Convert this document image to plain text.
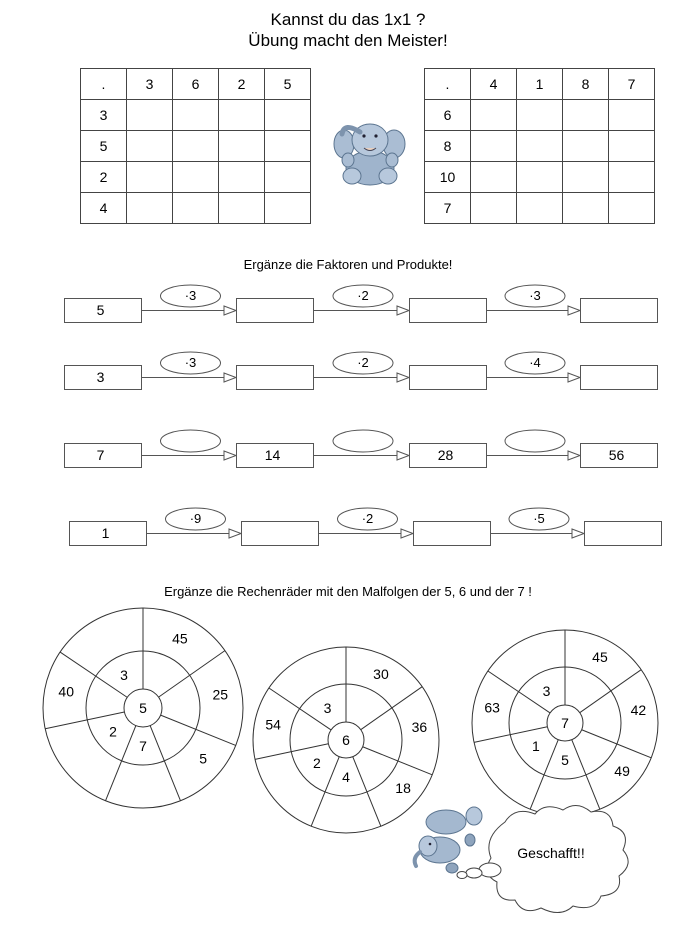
Kannst du das 1x1 ?
Übung macht den Meister!
.	3	6	2	5
3				
5				
2				
4				
.	4	1	8	7
6				
8				
10				
7				
Ergänze die Faktoren und Produkte!
Ergänze die Rechenräder mit den Malfolgen der 5, 6 und der 7 !
5
·3	·2	·3
3
·3	·2	·4
7	14	28	56
1
·9	·2	·5
5
45
25
5
40
3
7
2
6
30
36
18
54
3
4
2
7
45
42
49
63
3
5
1
Geschafft!!
